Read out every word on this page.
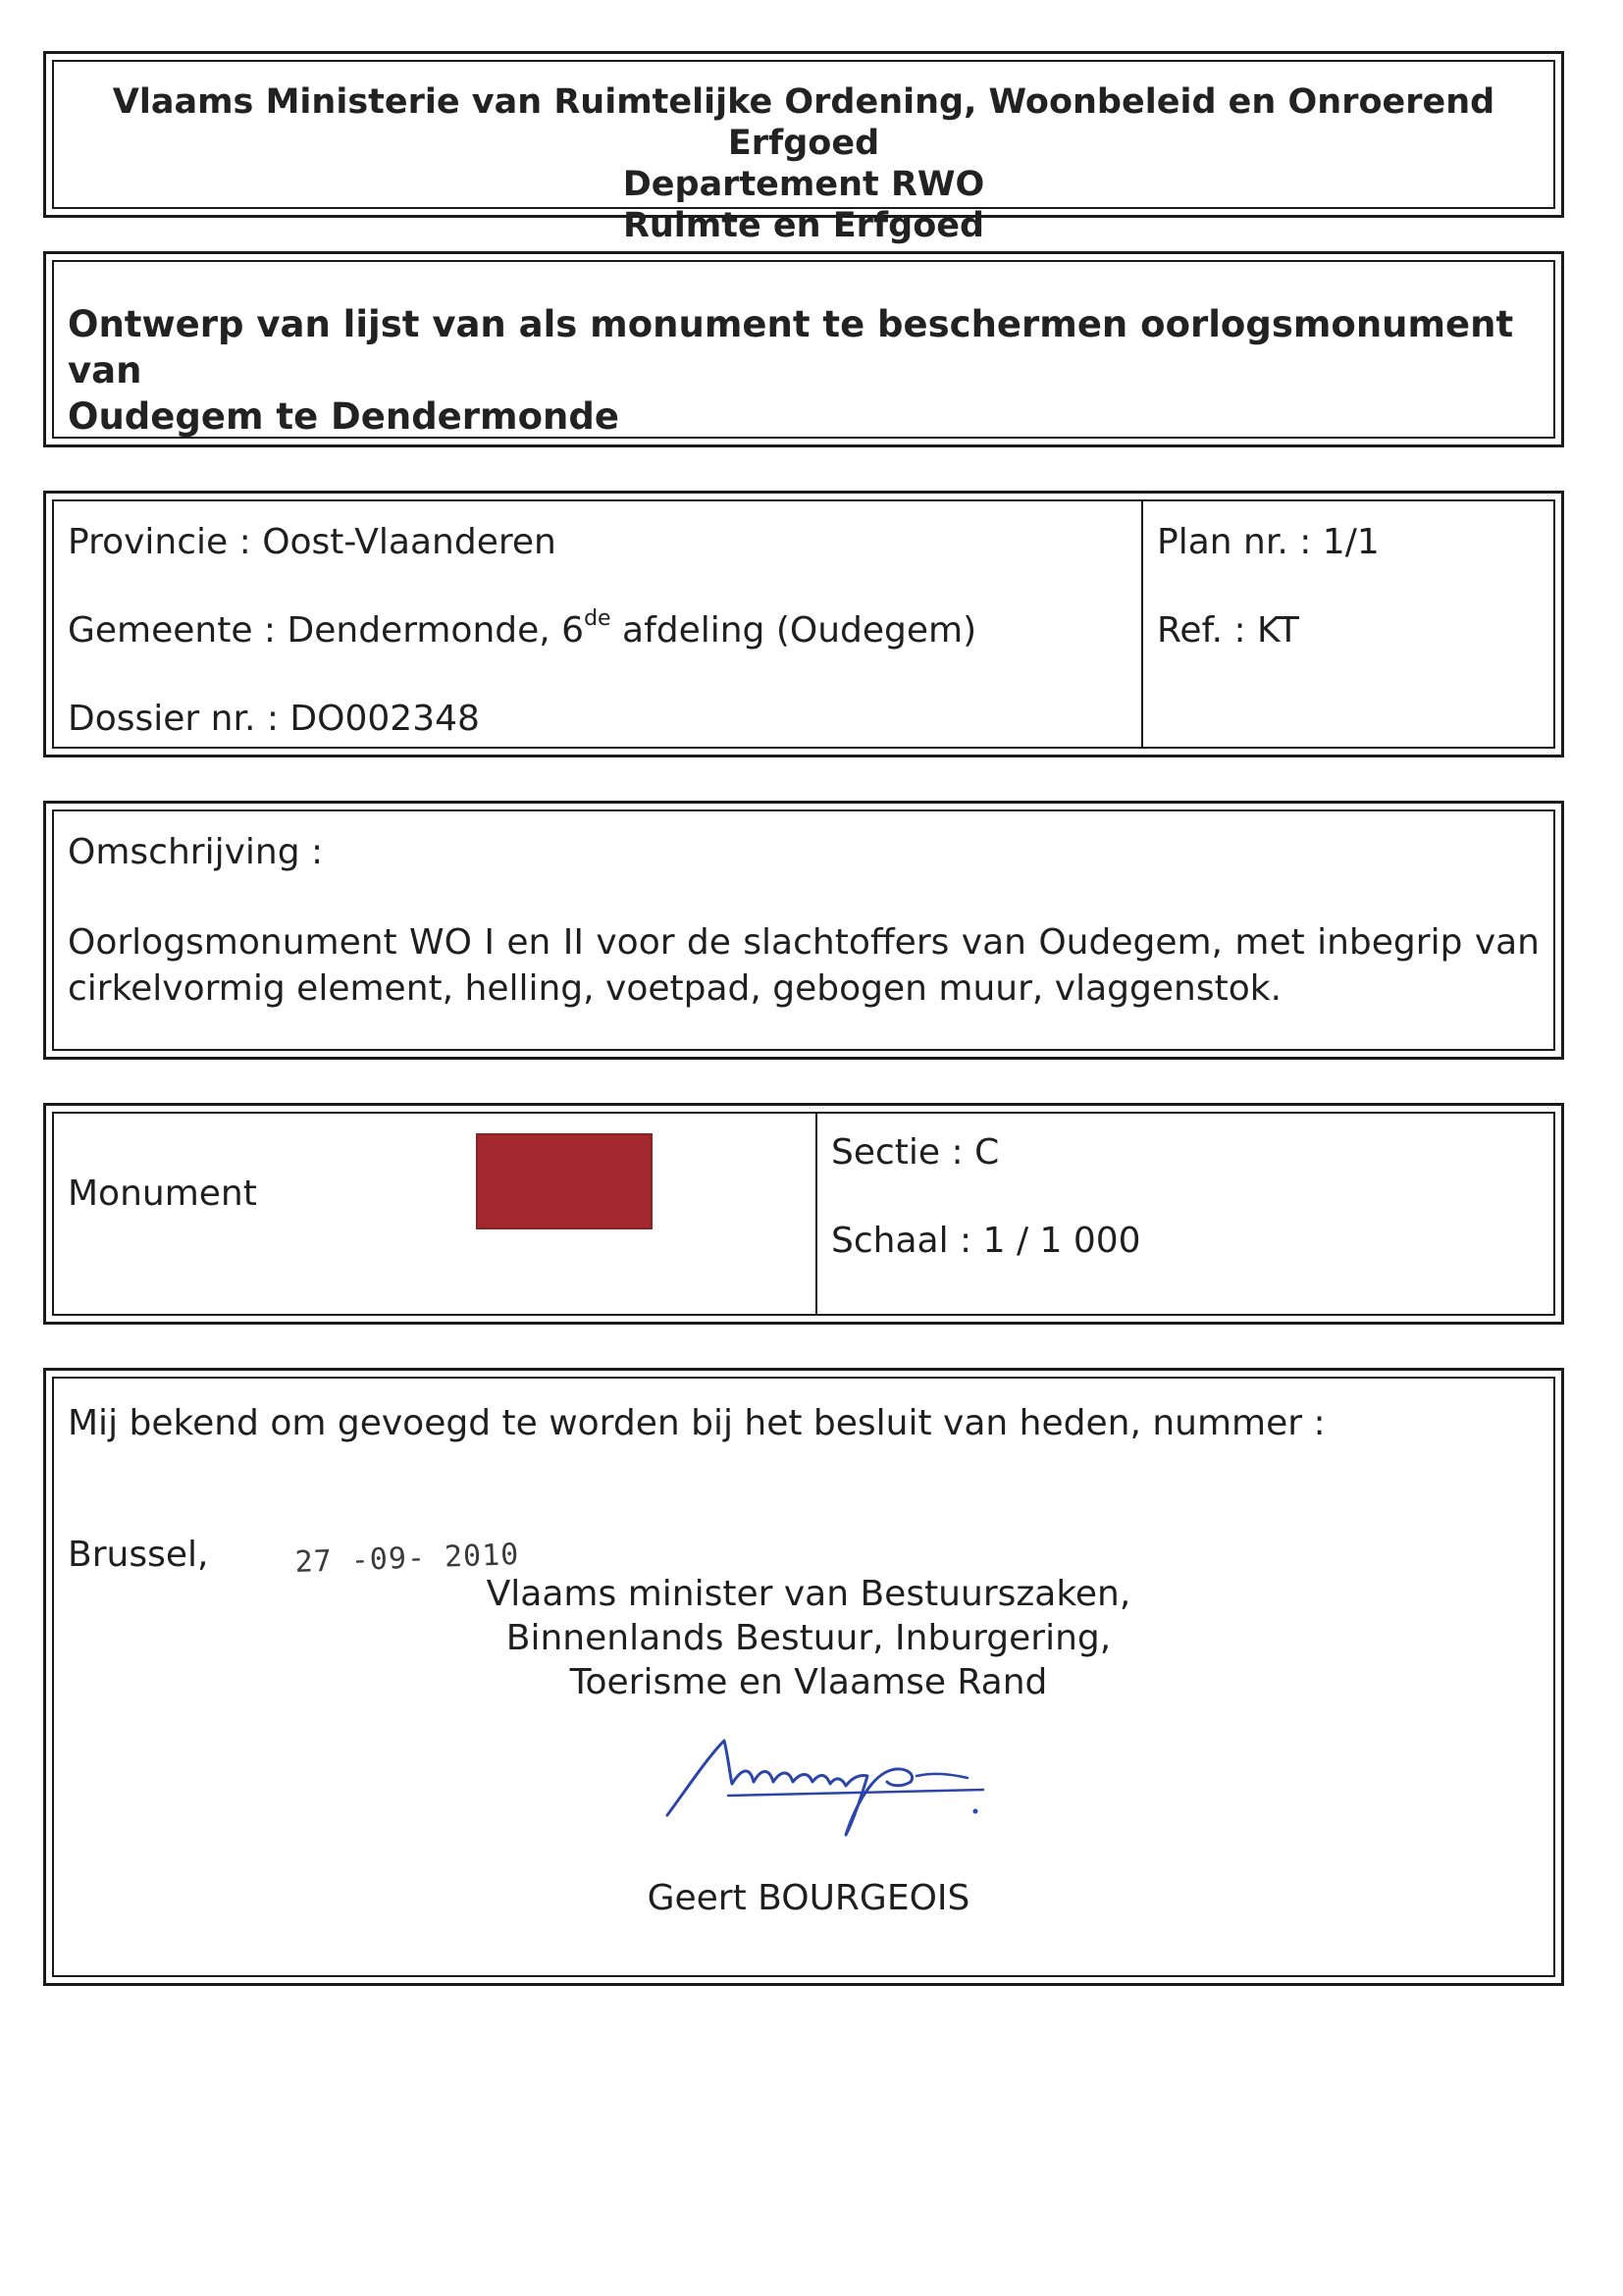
Vlaams Ministerie van Ruimtelijke Ordening, Woonbeleid en Onroerend Erfgoed
Departement RWO
Ruimte en Erfgoed
Ontwerp van lijst van als monument te beschermen oorlogsmonument van
Oudegem te Dendermonde
Provincie : Oost-Vlaanderen
Gemeente : Dendermonde, 6de afdeling (Oudegem)
Dossier nr. : DO002348
Plan nr. : 1/1
Ref. : KT
Omschrijving :
Oorlogsmonument WO I en II voor de slachtoffers van Oudegem, met inbegrip van cirkelvormig element, helling, voetpad, gebogen muur, vlaggenstok.
Monument
Sectie : C
Schaal : 1 / 1 000
Mij bekend om gevoegd te worden bij het besluit van heden, nummer :
Brussel,
Vlaams minister van Bestuurszaken,
Binnenlands Bestuur, Inburgering,
Toerisme en Vlaamse Rand
Geert BOURGEOIS
27 -09- 2010
